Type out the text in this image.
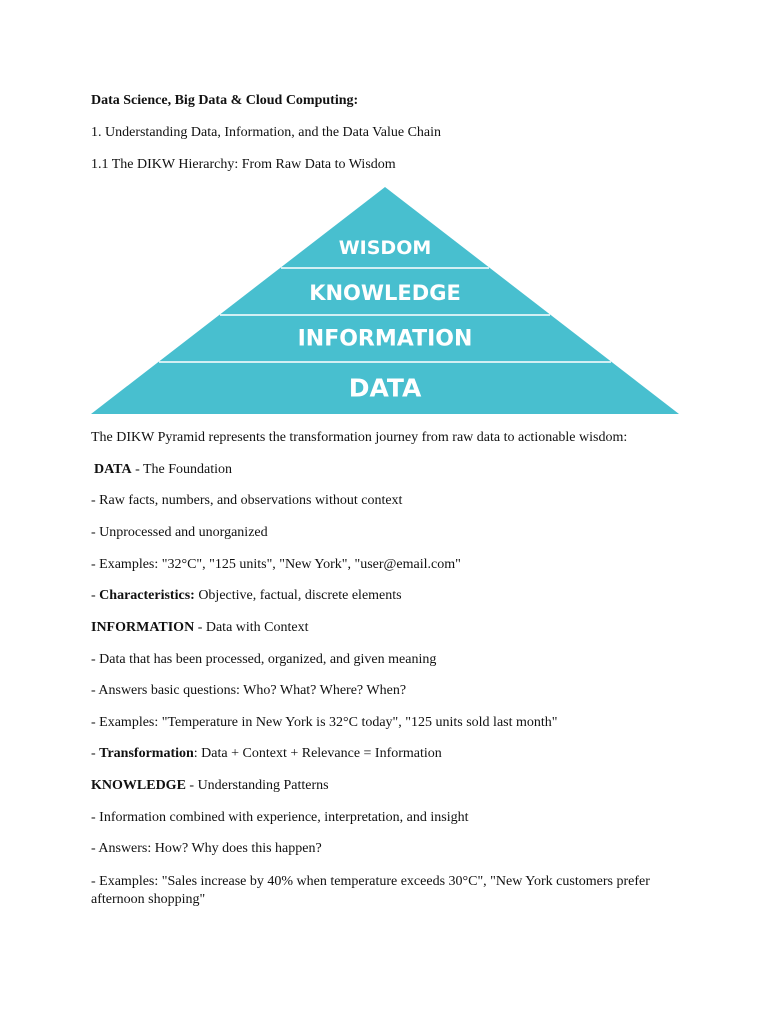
Data Science, Big Data & Cloud Computing:

1. Understanding Data, Information, and the Data Value Chain

1.1 The DIKW Hierarchy: From Raw Data to Wisdom

WISDOM
KNOWLEDGE
INFORMATION
DATA

The DIKW Pyramid represents the transformation journey from raw data to actionable wisdom:

DATA - The Foundation

- Raw facts, numbers, and observations without context

- Unprocessed and unorganized

- Examples: "32°C", "125 units", "New York", "user@email.com"

- Characteristics: Objective, factual, discrete elements

INFORMATION - Data with Context

- Data that has been processed, organized, and given meaning

- Answers basic questions: Who? What? Where? When?

- Examples: "Temperature in New York is 32°C today", "125 units sold last month"

- Transformation: Data + Context + Relevance = Information

KNOWLEDGE - Understanding Patterns

- Information combined with experience, interpretation, and insight

- Answers: How? Why does this happen?

- Examples: "Sales increase by 40% when temperature exceeds 30°C", "New York customers prefer afternoon shopping"
